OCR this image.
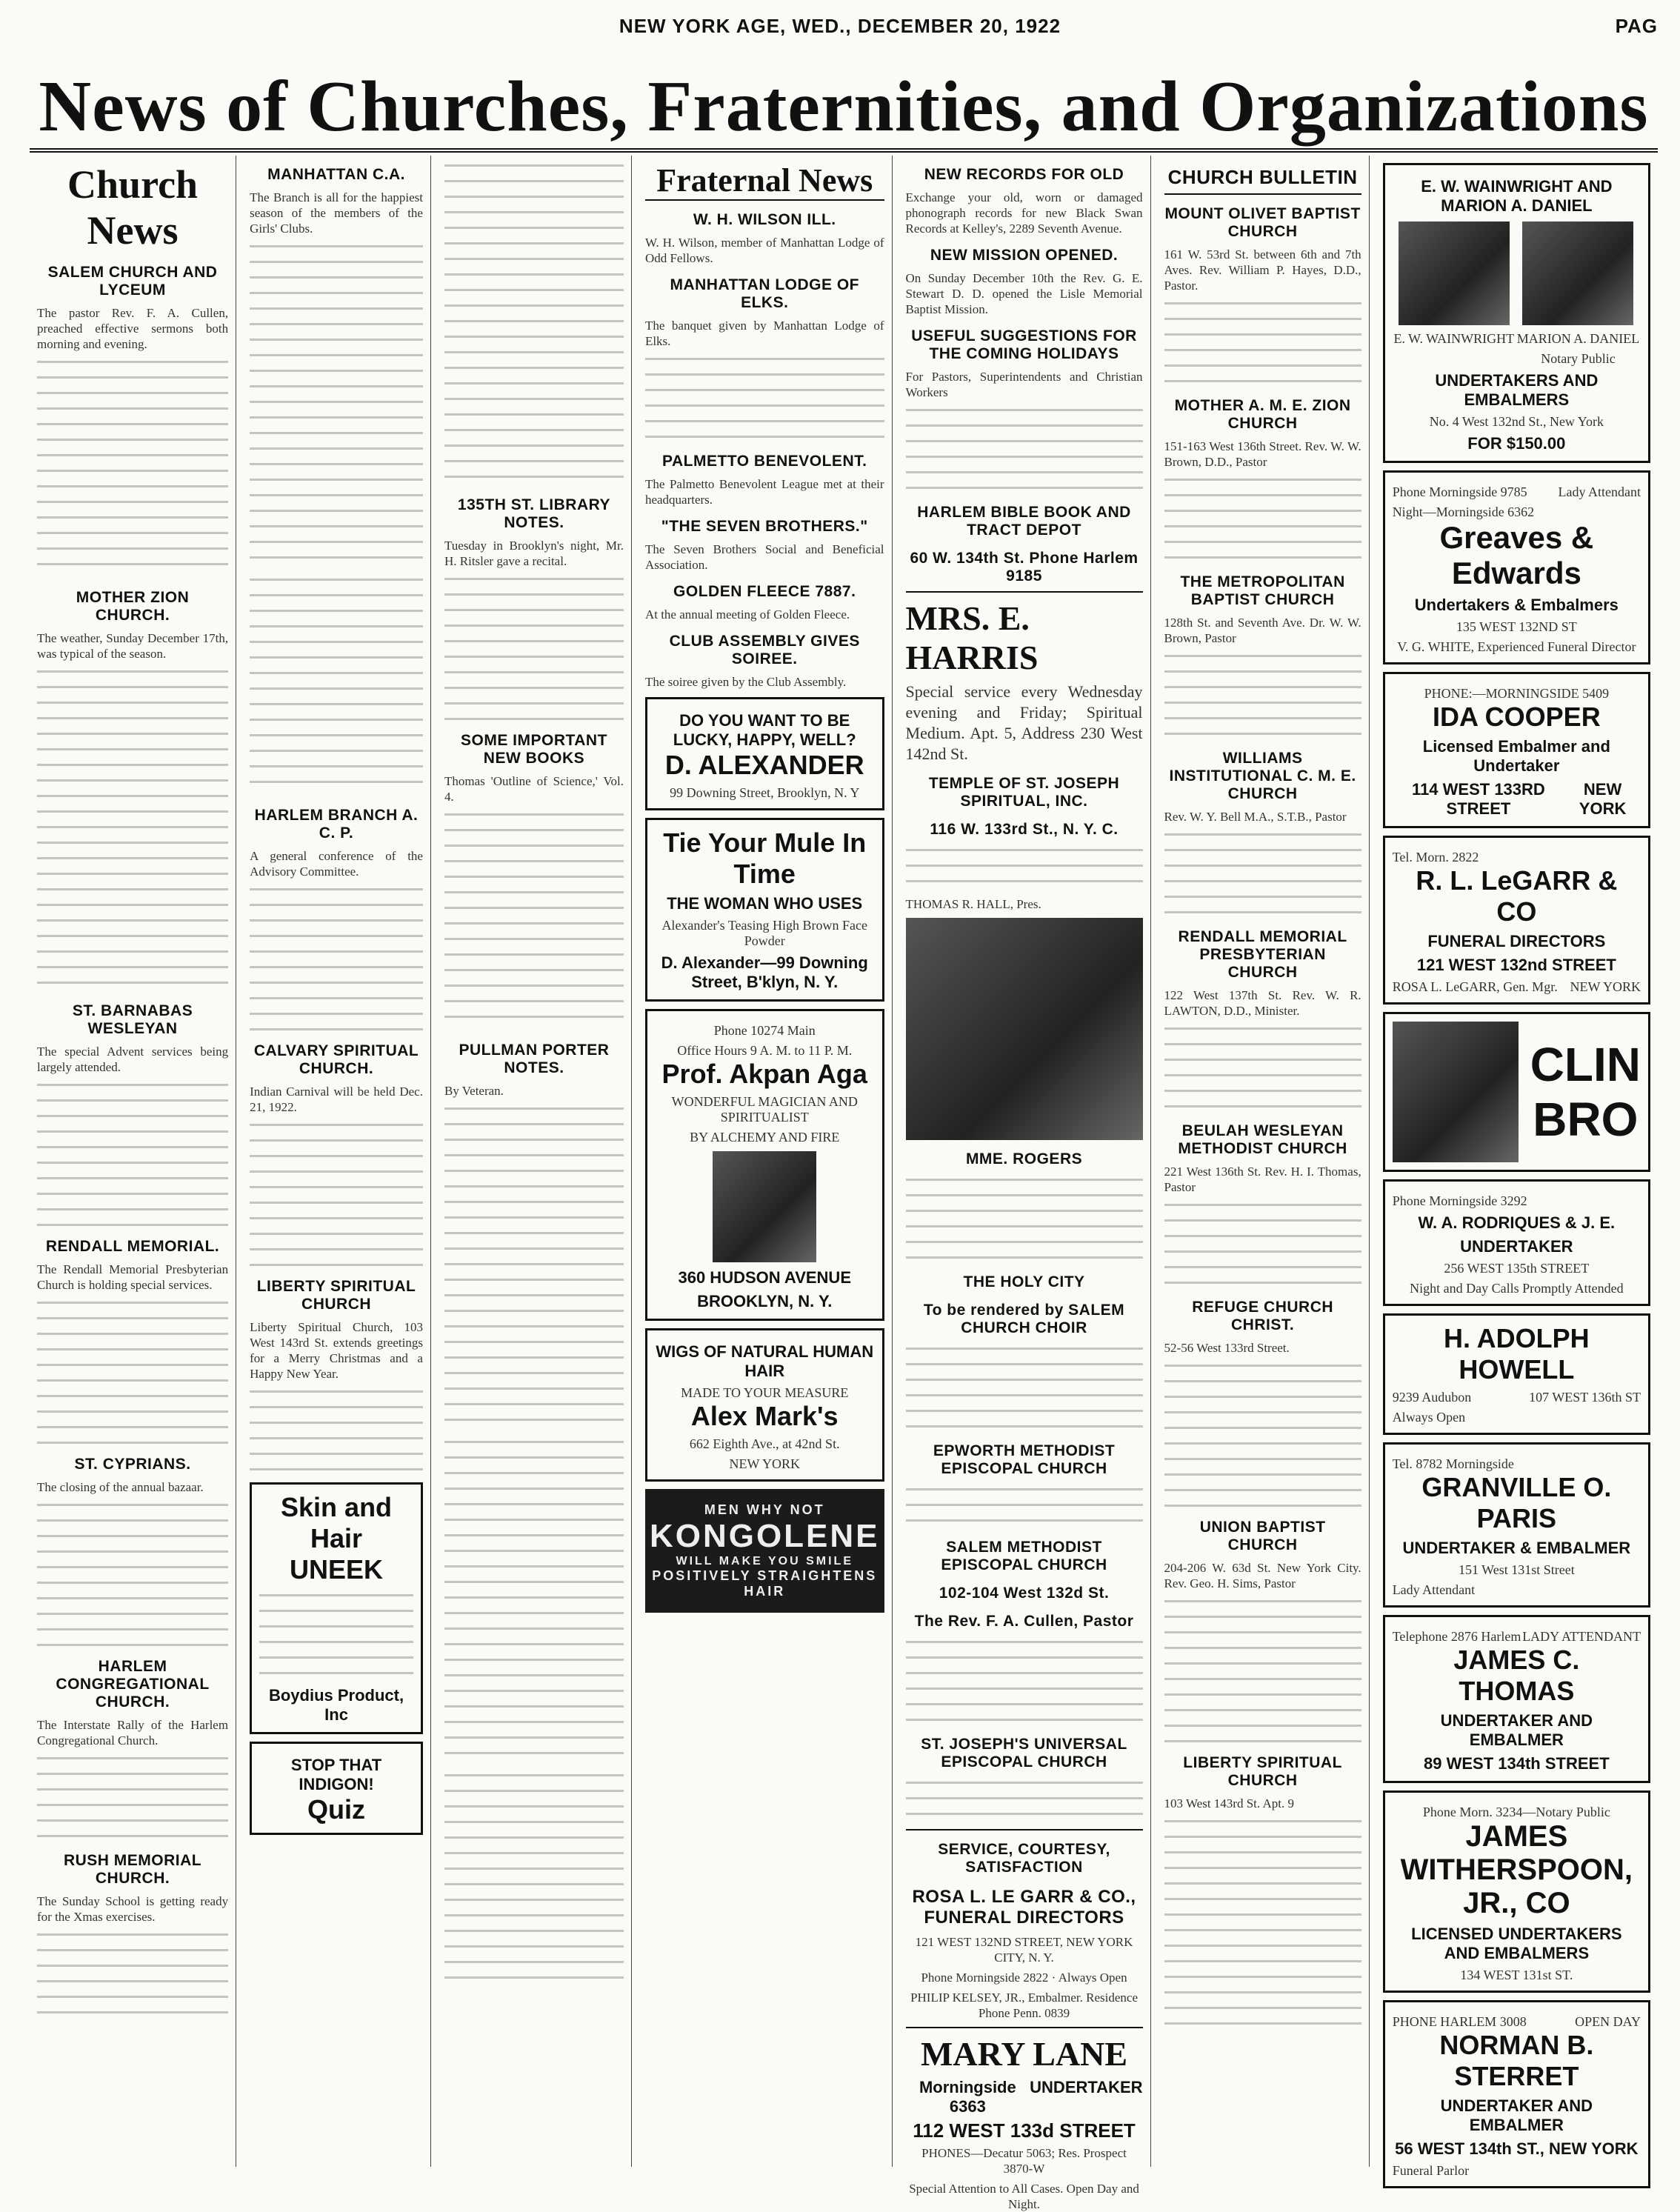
NEW YORK AGE, WED., DECEMBER 20, 1922	PAG
News of Churches, Fraternities, and Organizations
Church News
SALEM CHURCH AND LYCEUM

The pastor Rev. F. A. Cullen, preached effective sermons both morning and evening.

MOTHER ZION CHURCH.

The weather, Sunday December 17th, was typical of the season.

ST. BARNABAS WESLEYAN

The special Advent services being largely attended.

RENDALL MEMORIAL.

The Rendall Memorial Presbyterian Church is holding special services.

ST. CYPRIANS.

The closing of the annual bazaar.

HARLEM CONGREGATIONAL CHURCH.

The Interstate Rally of the Harlem Congregational Church.

RUSH MEMORIAL CHURCH.

The Sunday School is getting ready for the Xmas exercises.

MANHATTAN C.A.

The Branch is all for the happiest season of the members of the Girls' Clubs.

HARLEM BRANCH A. C. P.

A general conference of the Advisory Committee.

CALVARY SPIRITUAL CHURCH.

Indian Carnival will be held Dec. 21, 1922.

LIBERTY SPIRITUAL CHURCH

Liberty Spiritual Church, 103 West 143rd St. extends greetings for a Merry Christmas and a Happy New Year.

Skin and Hair
UNEEK
Boydius Product, Inc
STOP THAT INDIGON!
Quiz
135TH ST. LIBRARY NOTES.

Tuesday in Brooklyn's night, Mr. H. Ritsler gave a recital.

SOME IMPORTANT NEW BOOKS

Thomas 'Outline of Science,' Vol. 4.

PULLMAN PORTER NOTES.

By Veteran.

Fraternal News
W. H. WILSON ILL.

W. H. Wilson, member of Manhattan Lodge of Odd Fellows.

MANHATTAN LODGE OF ELKS.

The banquet given by Manhattan Lodge of Elks.

PALMETTO BENEVOLENT.

The Palmetto Benevolent League met at their headquarters.

"THE SEVEN BROTHERS."

The Seven Brothers Social and Beneficial Association.

GOLDEN FLEECE 7887.

At the annual meeting of Golden Fleece.

CLUB ASSEMBLY GIVES SOIREE.

The soiree given by the Club Assembly.

DO YOU WANT TO BE LUCKY, HAPPY, WELL?
D. ALEXANDER
99 Downing Street, Brooklyn, N. Y
Tie Your Mule In Time
THE WOMAN WHO USES
Alexander's Teasing High Brown Face Powder
D. Alexander—99 Downing Street, B'klyn, N. Y.
Phone 10274 Main
Office Hours 9 A. M. to 11 P. M.
Prof. Akpan Aga
WONDERFUL MAGICIAN AND SPIRITUALIST
BY ALCHEMY AND FIRE
360 HUDSON AVENUE
BROOKLYN, N. Y.
WIGS OF NATURAL HUMAN HAIR
MADE TO YOUR MEASURE
Alex Mark's
662 Eighth Ave., at 42nd St.
NEW YORK
MEN WHY NOT
KONGOLENE
WILL MAKE YOU SMILE
POSITIVELY STRAIGHTENS HAIR
NEW RECORDS FOR OLD

Exchange your old, worn or damaged phonograph records for new Black Swan Records at Kelley's, 2289 Seventh Avenue.

NEW MISSION OPENED.

On Sunday December 10th the Rev. G. E. Stewart D. D. opened the Lisle Memorial Baptist Mission.

USEFUL SUGGESTIONS FOR THE COMING HOLIDAYS

For Pastors, Superintendents and Christian Workers

HARLEM BIBLE BOOK AND TRACT DEPOT
60 W. 134th St. Phone Harlem 9185
MRS. E. HARRIS

Special service every Wednesday evening and Friday; Spiritual Medium. Apt. 5, Address 230 West 142nd St.

TEMPLE OF ST. JOSEPH SPIRITUAL, INC.
116 W. 133rd St., N. Y. C.

THOMAS R. HALL, Pres.

MME. ROGERS
THE HOLY CITY
To be rendered by SALEM CHURCH CHOIR
EPWORTH METHODIST EPISCOPAL CHURCH
SALEM METHODIST EPISCOPAL CHURCH
102-104 West 132d St.
The Rev. F. A. Cullen, Pastor
ST. JOSEPH'S UNIVERSAL EPISCOPAL CHURCH
SERVICE, COURTESY, SATISFACTION
ROSA L. LE GARR & CO., FUNERAL DIRECTORS

121 WEST 132ND STREET, NEW YORK CITY, N. Y.

Phone Morningside 2822 · Always Open

PHILIP KELSEY, JR., Embalmer. Residence Phone Penn. 0839

MARY LANE
Morningside 6363
UNDERTAKER
112 WEST 133d STREET

PHONES—Decatur 5063; Res. Prospect 3870-W

Special Attention to All Cases. Open Day and Night.

CHURCH BULLETIN
MOUNT OLIVET BAPTIST CHURCH

161 W. 53rd St. between 6th and 7th Aves. Rev. William P. Hayes, D.D., Pastor.

MOTHER A. M. E. ZION CHURCH

151-163 West 136th Street. Rev. W. W. Brown, D.D., Pastor

THE METROPOLITAN BAPTIST CHURCH

128th St. and Seventh Ave. Dr. W. W. Brown, Pastor

WILLIAMS INSTITUTIONAL C. M. E. CHURCH

Rev. W. Y. Bell M.A., S.T.B., Pastor

RENDALL MEMORIAL PRESBYTERIAN CHURCH

122 West 137th St. Rev. W. R. LAWTON, D.D., Minister.

BEULAH WESLEYAN METHODIST CHURCH

221 West 136th St. Rev. H. I. Thomas, Pastor

REFUGE CHURCH CHRIST.

52-56 West 133rd Street.

UNION BAPTIST CHURCH

204-206 W. 63d St. New York City. Rev. Geo. H. Sims, Pastor

LIBERTY SPIRITUAL CHURCH

103 West 143rd St. Apt. 9

E. W. WAINWRIGHT AND MARION A. DANIEL
E. W. WAINWRIGHT MARION A. DANIEL
Notary Public
UNDERTAKERS AND EMBALMERS
No. 4 West 132nd St., New York
FOR $150.00
Phone Morningside 9785 Lady Attendant
Night—Morningside 6362
Greaves & Edwards
Undertakers & Embalmers
135 WEST 132ND ST
V. G. WHITE, Experienced Funeral Director
PHONE:—MORNINGSIDE 5409
IDA COOPER
Licensed Embalmer and Undertaker
114 WEST 133RD STREET
NEW YORK
Tel. Morn. 2822
R. L. LeGARR & CO
FUNERAL DIRECTORS
121 WEST 132nd STREET
ROSA L. LeGARR, Gen. Mgr. NEW YORK
CLIN
BRO
Phone Morningside 3292
W. A. RODRIQUES & J. E.
UNDERTAKER
256 WEST 135th STREET
Night and Day Calls Promptly Attended
H. ADOLPH HOWELL
9239 Audubon	107 WEST 136th ST
Always Open
Tel. 8782 Morningside
GRANVILLE O. PARIS
UNDERTAKER & EMBALMER
151 West 131st Street
Lady Attendant
Telephone 2876 Harlem LADY ATTENDANT
JAMES C. THOMAS
UNDERTAKER AND EMBALMER
89 WEST 134th STREET
Phone Morn. 3234—Notary Public
JAMES WITHERSPOON, JR., CO
LICENSED UNDERTAKERS AND EMBALMERS
134 WEST 131st ST.
PHONE HARLEM 3008	OPEN DAY
NORMAN B. STERRET
UNDERTAKER AND EMBALMER
56 WEST 134th ST., NEW YORK
Funeral Parlor
